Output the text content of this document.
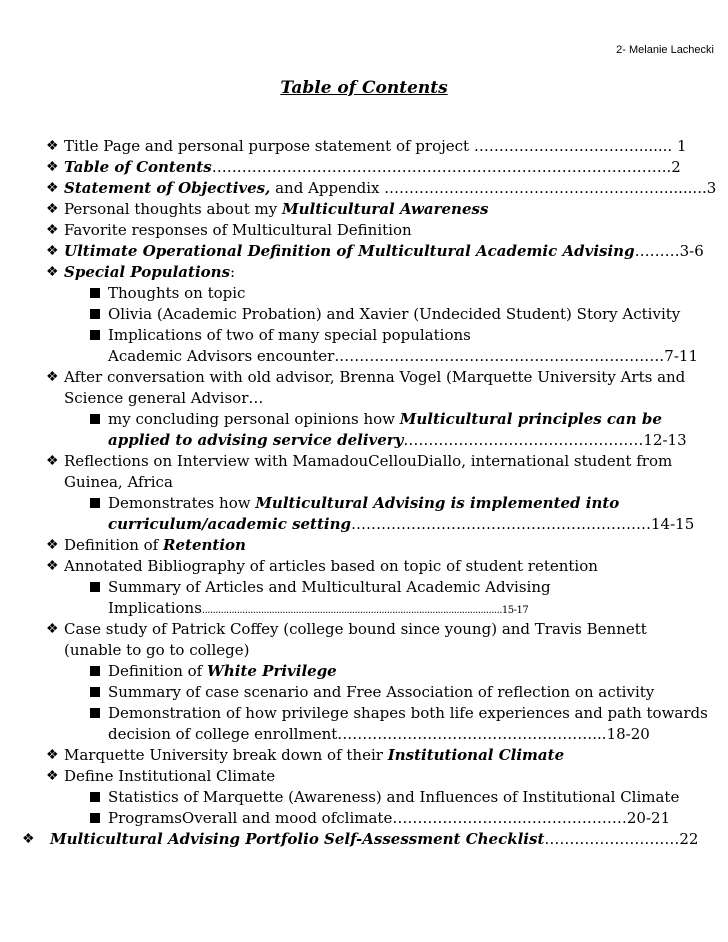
2- Melanie Lachecki
Table of Contents
❖ Title Page and personal purpose statement of project ……………………………....... 1
❖ Table of Contents………………………………………………………………………………..2
❖ Statement of Objectives, and Appendix .………………………………………………..........3
❖ Personal thoughts about my Multicultural Awareness
❖ Favorite responses of Multicultural Definition
❖ Ultimate Operational Definition of Multicultural Academic Advising………3-6
❖ Special Populations:
Thoughts on topic
Olivia (Academic Probation) and Xavier (Undecided Student) Story Activity
Implications of two of many special populations
Academic Advisors encounter…………………………………………………………7-11
❖ After conversation with old advisor, Brenna Vogel (Marquette University Arts and
Science general Advisor…
my concluding personal opinions how Multicultural principles can be
applied to advising service delivery…………………………………………12-13
❖ Reflections on Interview with MamadouCellouDiallo, international student from
Guinea, Africa
Demonstrates how Multicultural Advising is implemented into
curriculum/academic setting……………………………………………………14-15
❖ Definition of Retention
❖ Annotated Bibliography of articles based on topic of student retention
Summary of Articles and Multicultural Academic Advising
Implications................................................................................................................15-17
❖ Case study of Patrick Coffey (college bound since young) and Travis Bennett
(unable to go to college)
Definition of White Privilege
Summary of case scenario and Free Association of reflection on activity
Demonstration of how privilege shapes both life experiences and path towards
decision of college enrollment……………………………………………...18-20
❖ Marquette University break down of their Institutional Climate
❖ Define Institutional Climate
Statistics of Marquette (Awareness) and Influences of Institutional Climate
ProgramsOverall and mood ofclimate……………………..…………………20-21
❖ Multicultural Advising Portfolio Self-Assessment Checklist………………………22
